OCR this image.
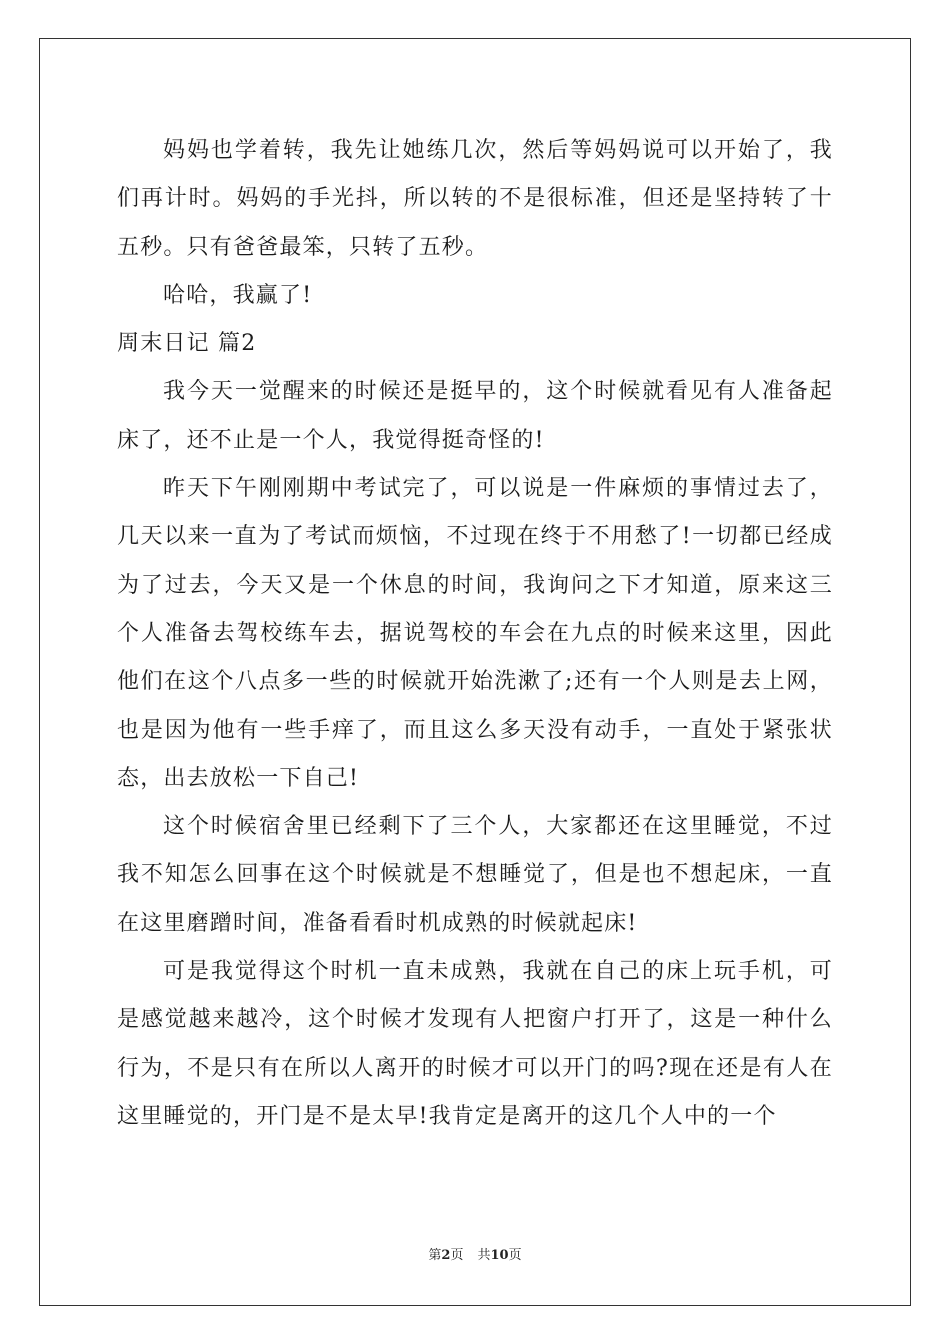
妈妈也学着转，我先让她练几次，然后等妈妈说可以开始了，我们再计时。妈妈的手光抖，所以转的不是很标准，但还是坚持转了十五秒。只有爸爸最笨，只转了五秒。

哈哈，我赢了!

周末日记 篇2

我今天一觉醒来的时候还是挺早的，这个时候就看见有人准备起床了，还不止是一个人，我觉得挺奇怪的!

昨天下午刚刚期中考试完了，可以说是一件麻烦的事情过去了，几天以来一直为了考试而烦恼，不过现在终于不用愁了!一切都已经成为了过去，今天又是一个休息的时间，我询问之下才知道，原来这三个人准备去驾校练车去，据说驾校的车会在九点的时候来这里，因此他们在这个八点多一些的时候就开始洗漱了;还有一个人则是去上网，也是因为他有一些手痒了，而且这么多天没有动手，一直处于紧张状态，出去放松一下自己!

这个时候宿舍里已经剩下了三个人，大家都还在这里睡觉，不过我不知怎么回事在这个时候就是不想睡觉了，但是也不想起床，一直在这里磨蹭时间，准备看看时机成熟的时候就起床!

可是我觉得这个时机一直未成熟，我就在自己的床上玩手机，可是感觉越来越冷，这个时候才发现有人把窗户打开了，这是一种什么行为，不是只有在所以人离开的时候才可以开门的吗?现在还是有人在这里睡觉的，开门是不是太早!我肯定是离开的这几个人中的一个

第2页 共10页
